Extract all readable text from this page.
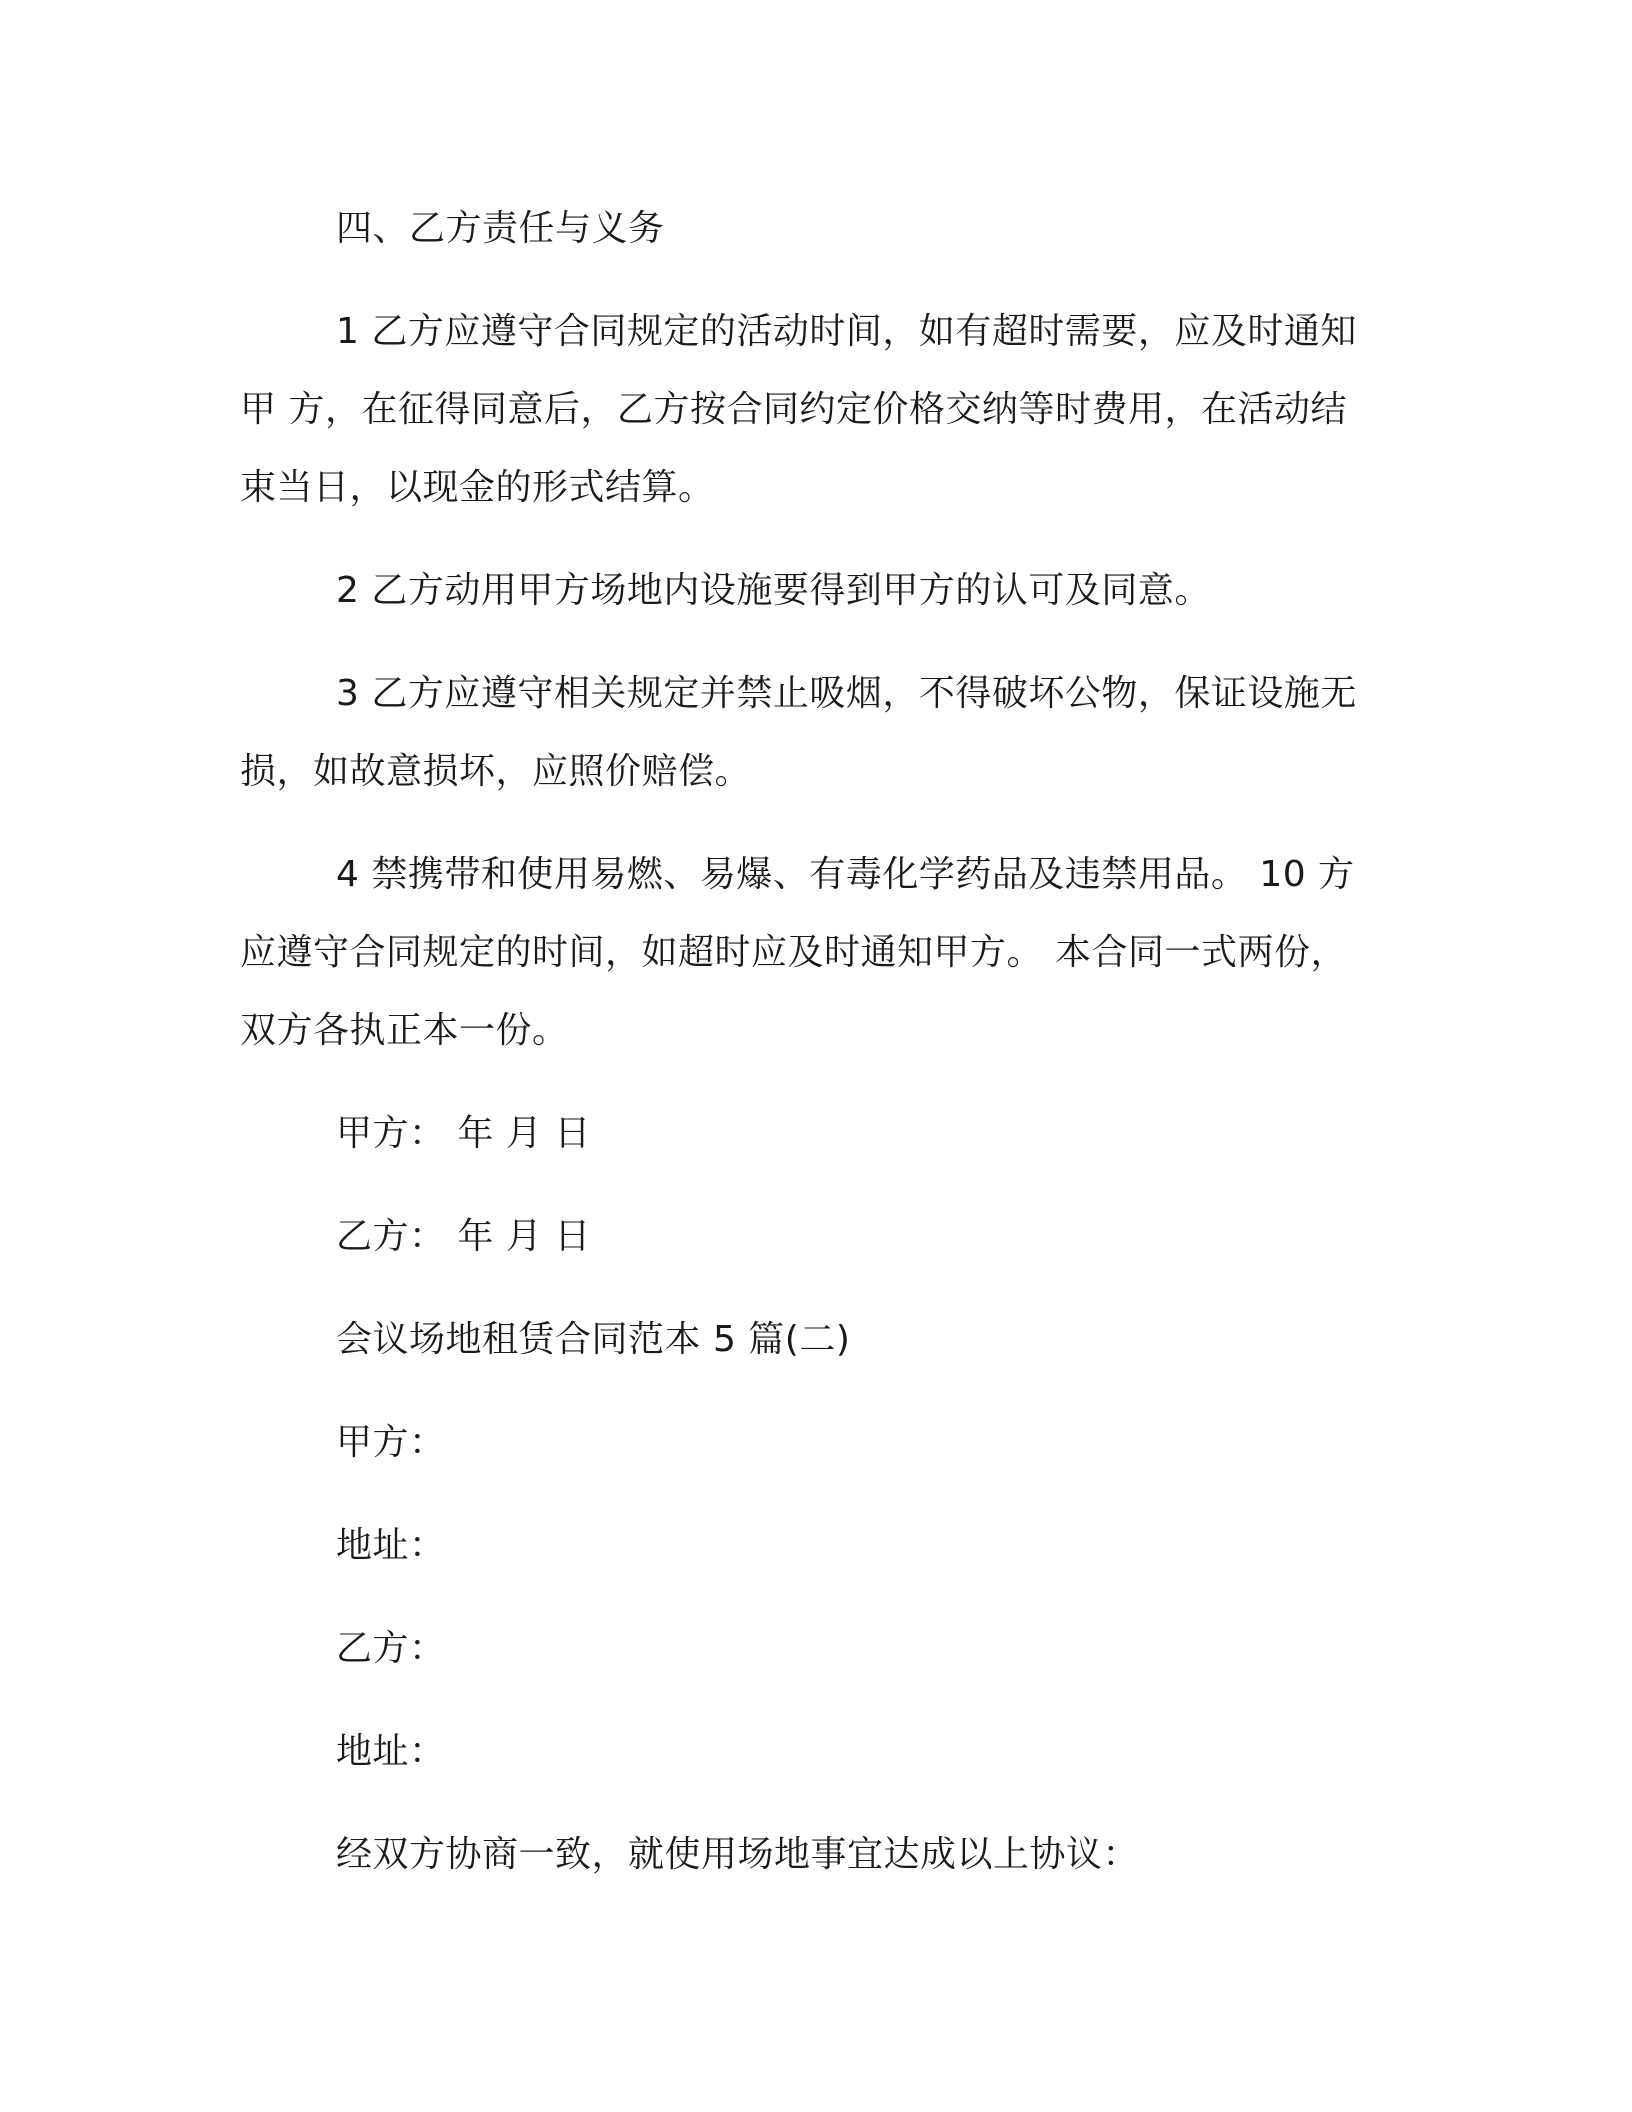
四、乙方责任与义务

1 乙方应遵守合同规定的活动时间，如有超时需要，应及时通知
甲 方，在征得同意后，乙方按合同约定价格交纳等时费用，在活动结
束当日，以现金的形式结算。

2 乙方动用甲方场地内设施要得到甲方的认可及同意。

3 乙方应遵守相关规定并禁止吸烟，不得破坏公物，保证设施无
损，如故意损坏，应照价赔偿。

4 禁携带和使用易燃、易爆、有毒化学药品及违禁用品。 10 方
应遵守合同规定的时间，如超时应及时通知甲方。 本合同一式两份，
双方各执正本一份。

甲方： 年 月 日

乙方： 年 月 日

会议场地租赁合同范本 5 篇(二)

甲方：

地址：

乙方：

地址：

经双方协商一致，就使用场地事宜达成以上协议：
